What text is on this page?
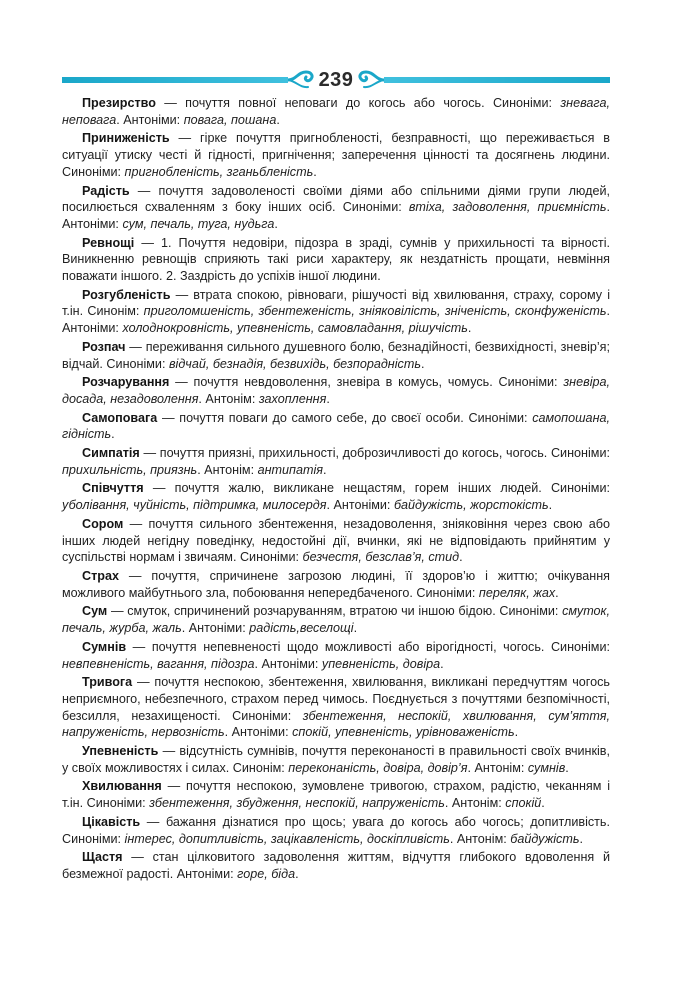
239

Презирство — почуття повної неповаги до когось або чогось. Синоніми: зневага, неповага. Антоніми: повага, пошана.

Приниженість — гірке почуття пригнобленості, безправності, що переживається в ситуації утиску честі й гідності, пригнічення; заперечення цінності та досягнень людини. Синоніми: пригнобленість, зганьбленість.

Радість — почуття задоволеності своїми діями або спільними діями групи людей, посилюється схваленням з боку інших осіб. Синоніми: втіха, задоволення, приємність. Антоніми: сум, печаль, туга, нудьга.

Ревнощі — 1. Почуття недовіри, підозра в зраді, сумнів у прихильності та вірності. Виникненню ревнощів сприяють такі риси характеру, як нездатність прощати, невміння поважати іншого. 2. Заздрість до успіхів іншої людини.

Розгубленість — втрата спокою, рівноваги, рішучості від хвилювання, страху, сорому і т.ін. Синонім: приголомшеність, збентеженість, зніяковілість, зніченість, сконфуженість. Антоніми: холоднокровність, упевненість, самовладання, рішучість.

Розпач — переживання сильного душевного болю, безнадійності, безвихідності, зневір’я; відчай. Синоніми: відчай, безнадія, безвихідь, безпорадність.

Розчарування — почуття невдоволення, зневіра в комусь, чомусь. Синоніми: зневіра, досада, незадоволення. Антонім: захоплення.

Самоповага — почуття поваги до самого себе, до своєї особи. Синоніми: самопошана, гідність.

Симпатія — почуття приязні, прихильності, доброзичливості до когось, чогось. Синоніми: прихильність, приязнь. Антонім: антипатія.

Співчуття — почуття жалю, викликане нещастям, горем інших людей. Синоніми: уболівання, чуйність, підтримка, милосердя. Антоніми: байдужість, жорстокість.

Сором — почуття сильного збентеження, незадоволення, зніяковіння через свою або інших людей негідну поведінку, недостойні дії, вчинки, які не відповідають прийнятим у суспільстві нормам і звичаям. Синоніми: безчестя, безслав’я, стид.

Страх — почуття, спричинене загрозою людині, її здоров’ю і життю; очікування можливого майбутнього зла, побоювання непередбаченого. Синоніми: переляк, жах.

Сум — смуток, спричинений розчаруванням, втратою чи іншою бідою. Синоніми: смуток, печаль, журба, жаль. Антоніми: радість,веселощі.

Сумнів — почуття непевненості щодо можливості або вірогідності, чогось. Синоніми: невпевненість, вагання, підозра. Антоніми: упевненість, довіра.

Тривога — почуття неспокою, збентеження, хвилювання, викликані передчуттям чогось неприємного, небезпечного, страхом перед чимось. Поєднується з почуттями безпомічності, безсилля, незахищеності. Синоніми: збентеження, неспокій, хвилювання, сум’яття, напруженість, нервозність. Антоніми: спокій, упевненість, урівноваженість.

Упевненість — відсутність сумнівів, почуття переконаності в правильності своїх вчинків, у своїх можливостях і силах. Синонім: переконаність, довіра, довір’я. Антонім: сумнів.

Хвилювання — почуття неспокою, зумовлене тривогою, страхом, радістю, чеканням і т.ін. Синоніми: збентеження, збудження, неспокій, напруженість. Антонім: спокій.

Цікавість — бажання дізнатися про щось; увага до когось або чогось; допитливість. Синоніми: інтерес, допитливість, зацікавленість, доскіпливість. Антонім: байдужість.

Щастя — стан цілковитого задоволення життям, відчуття глибокого вдоволення й безмежної радості. Антоніми: горе, біда.
